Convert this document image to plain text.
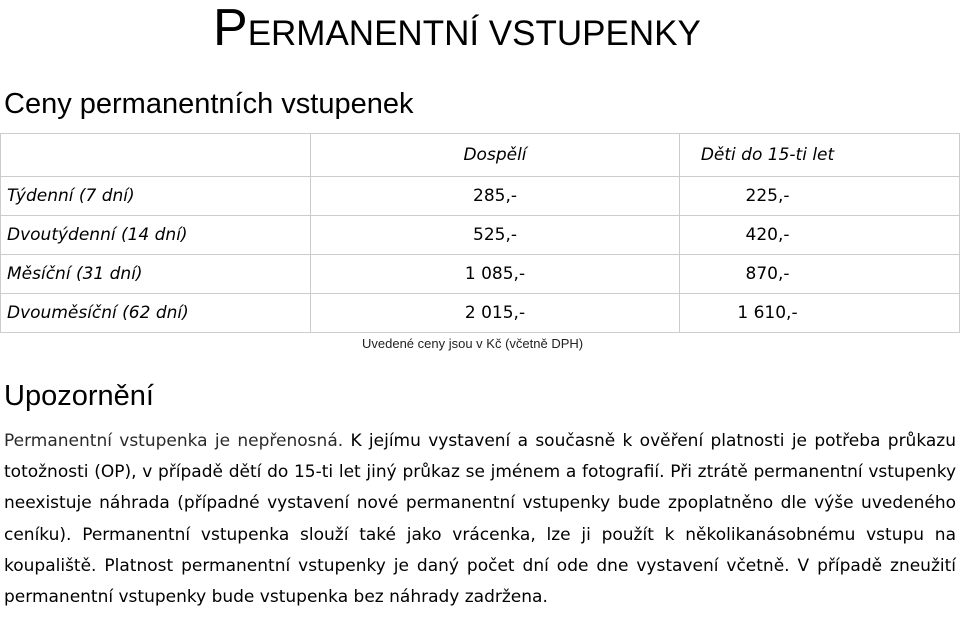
PERMANENTNÍ VSTUPENKY
Ceny permanentních vstupenek
	Dospělí	Děti do 15-ti let
Týdenní (7 dní)	285,-	225,-
Dvoutýdenní (14 dní)	525,-	420,-
Měsíční (31 dní)	1 085,-	870,-
Dvouměsíční (62 dní)	2 015,-	1 610,-
Uvedené ceny jsou v Kč (včetně DPH)
Upozornění

Permanentní vstupenka je nepřenosná. K jejímu vystavení a současně k ověření platnosti je potřeba průkazu totožnosti (OP), v případě dětí do 15-ti let jiný průkaz se jménem a fotografií. Při ztrátě permanentní vstupenky neexistuje náhrada (případné vystavení nové permanentní vstupenky bude zpoplatněno dle výše uvedeného ceníku). Permanentní vstupenka slouží také jako vrácenka, lze ji použít k několikanásobnému vstupu na koupaliště. Platnost permanentní vstupenky je daný počet dní ode dne vystavení včetně. V případě zneužití permanentní vstupenky bude vstupenka bez náhrady zadržena.
